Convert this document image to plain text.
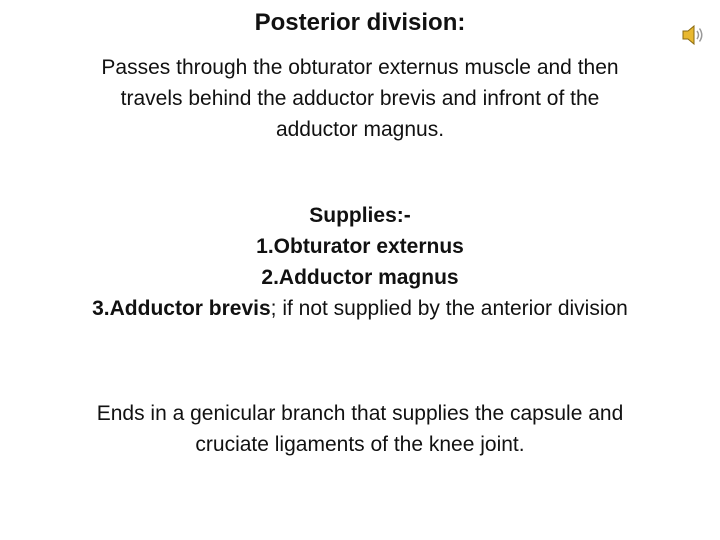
Posterior division:
Passes through the obturator externus muscle and then
travels behind the adductor brevis and infront of the
adductor magnus.
Supplies:-
1.Obturator externus
2.Adductor magnus
3.Adductor brevis; if not supplied by the anterior division
Ends in a genicular branch that supplies the capsule and
cruciate ligaments of the knee joint.
